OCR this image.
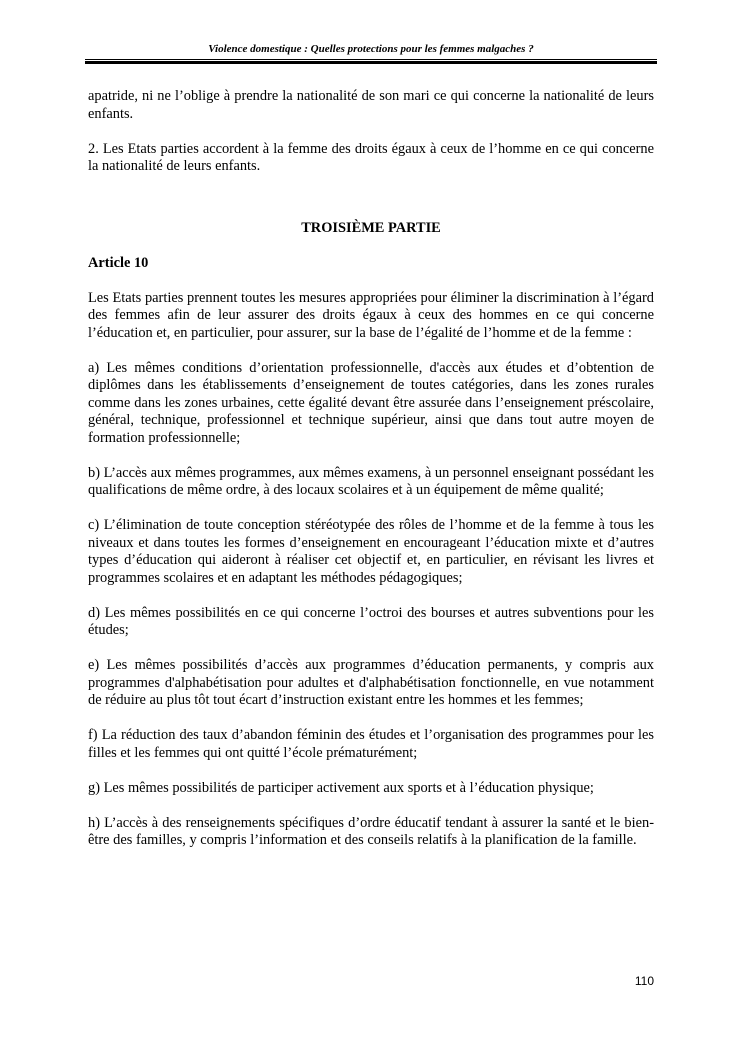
Violence domestique : Quelles protections pour les femmes malgaches ?

apatride, ni ne l’oblige à prendre la nationalité de son mari ce qui concerne la nationalité de leurs enfants.

2. Les Etats parties accordent à la femme des droits égaux à ceux de l’homme en ce qui concerne la nationalité de leurs enfants.

TROISIÈME PARTIE

Article 10

Les Etats parties prennent toutes les mesures appropriées pour éliminer la discrimination à l’égard des femmes afin de leur assurer des droits égaux à ceux des hommes en ce qui concerne l’éducation et, en particulier, pour assurer, sur la base de l’égalité de l’homme et de la femme :

a) Les mêmes conditions d’orientation professionnelle, d'accès aux études et d’obtention de diplômes dans les établissements d’enseignement de toutes catégories, dans les zones rurales comme dans les zones urbaines, cette égalité devant être assurée dans l’enseignement préscolaire, général, technique, professionnel et technique supérieur, ainsi que dans tout autre moyen de formation professionnelle;

b) L’accès aux mêmes programmes, aux mêmes examens, à un personnel enseignant possédant les qualifications de même ordre, à des locaux scolaires et à un équipement de même qualité;

c) L’élimination de toute conception stéréotypée des rôles de l’homme et de la femme à tous les niveaux et dans toutes les formes d’enseignement en encourageant l’éducation mixte et d’autres types d’éducation qui aideront à réaliser cet objectif et, en particulier, en révisant les livres et programmes scolaires et en adaptant les méthodes pédagogiques;

d) Les mêmes possibilités en ce qui concerne l’octroi des bourses et autres subventions pour les études;

e) Les mêmes possibilités d’accès aux programmes d’éducation permanents, y compris aux programmes d'alphabétisation pour adultes et d'alphabétisation fonctionnelle, en vue notamment de réduire au plus tôt tout écart d’instruction existant entre les hommes et les femmes;

f) La réduction des taux d’abandon féminin des études et l’organisation des programmes pour les filles et les femmes qui ont quitté l’école prématurément;

g) Les mêmes possibilités de participer activement aux sports et à l’éducation physique;

h) L’accès à des renseignements spécifiques d’ordre éducatif tendant à assurer la santé et le bien-être des familles, y compris l’information et des conseils relatifs à la planification de la famille.

110
